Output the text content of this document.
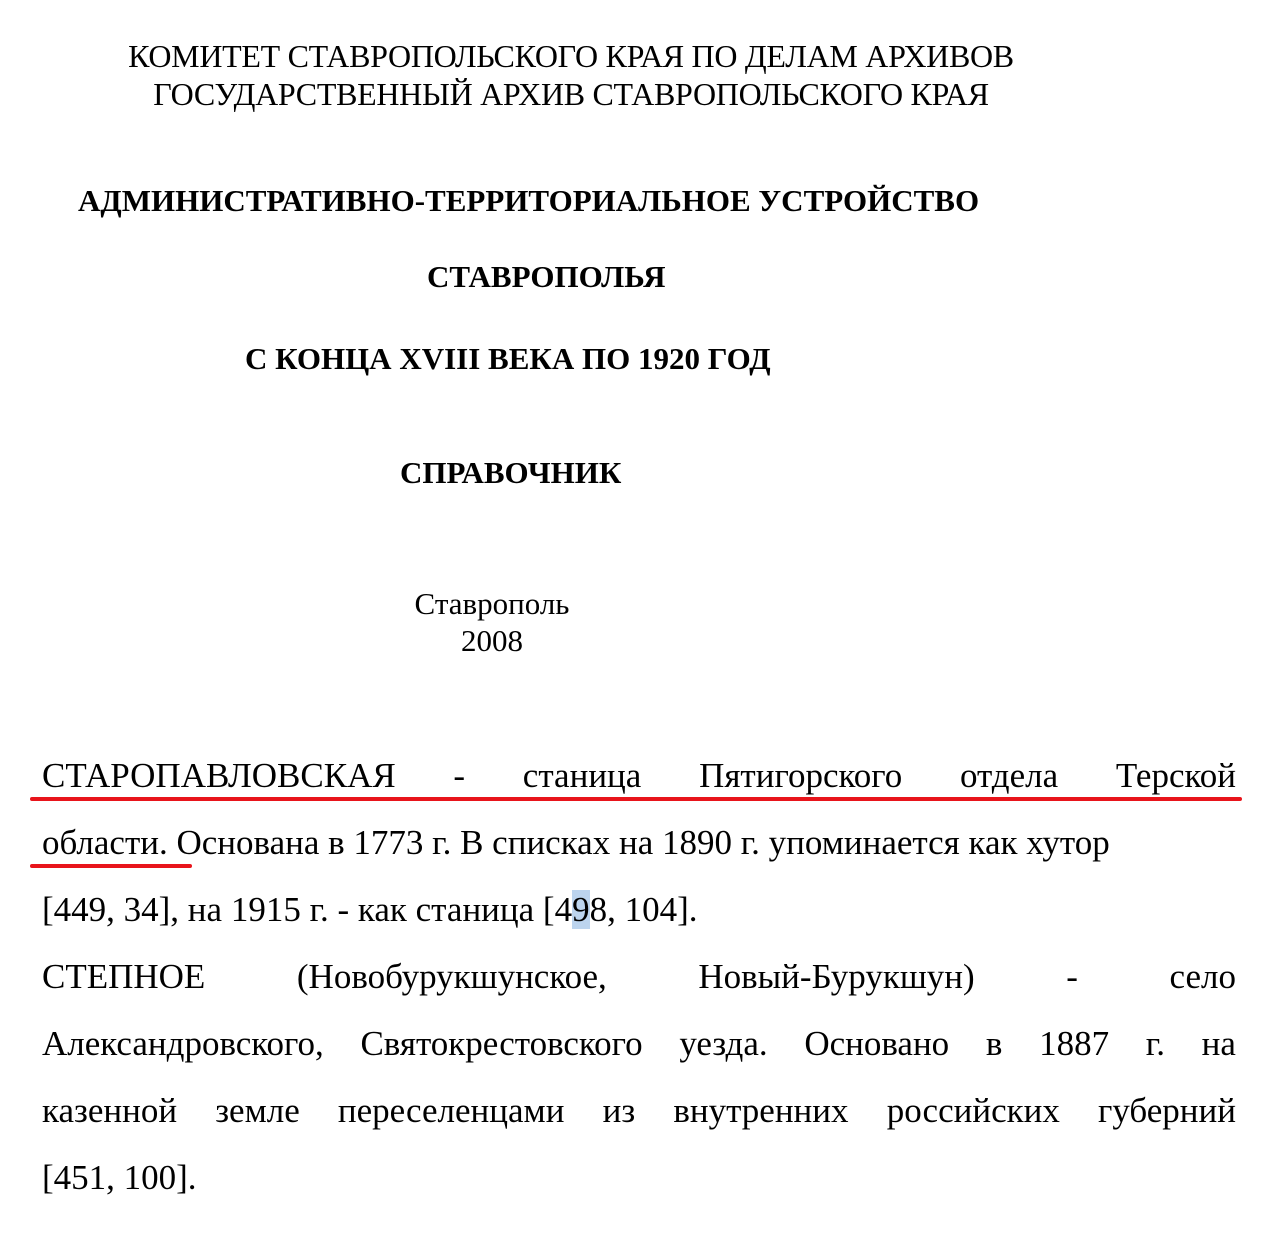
КОМИТЕТ СТАВРОПОЛЬСКОГО КРАЯ ПО ДЕЛАМ АРХИВОВ
ГОСУДАРСТВЕННЫЙ АРХИВ СТАВРОПОЛЬСКОГО КРАЯ
АДМИНИСТРАТИВНО-ТЕРРИТОРИАЛЬНОЕ УСТРОЙСТВО
СТАВРОПОЛЬЯ
С КОНЦА XVIII ВЕКА ПО 1920 ГОД
СПРАВОЧНИК
Ставрополь
2008
СТАРОПАВЛОВСКАЯ - станица Пятигорского отдела Терской
области. Основана в 1773 г. В списках на 1890 г. упоминается как хутор
[449, 34], на 1915 г. - как станица [498, 104].
СТЕПНОЕ	(Новобурукшунское,	Новый-Бурукшун)	-	село
Александровского, Святокрестовского уезда. Основано в 1887 г. на
казенной земле переселенцами из внутренних российских губерний
[451, 100].
